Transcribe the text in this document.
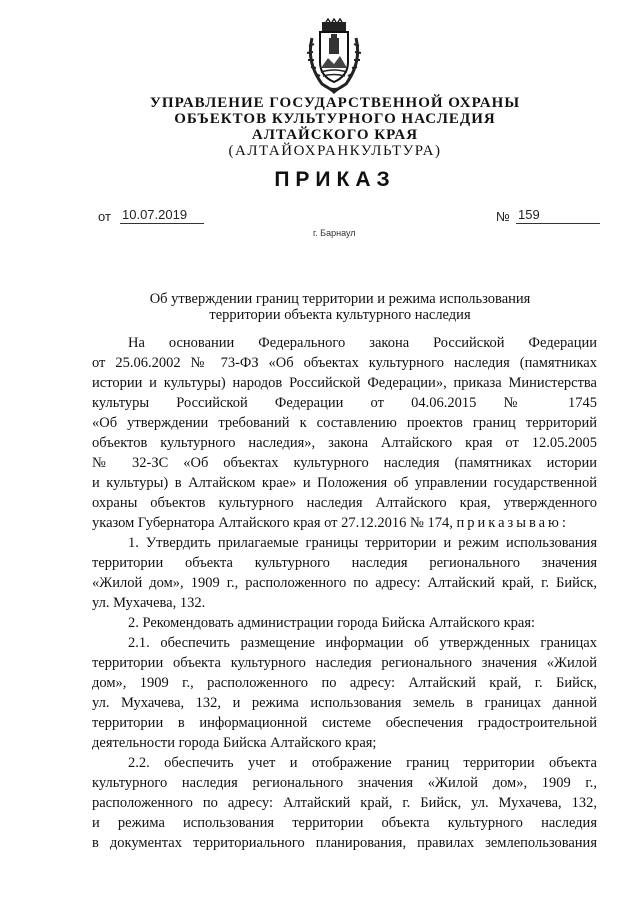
УПРАВЛЕНИЕ ГОСУДАРСТВЕННОЙ ОХРАНЫ
ОБЪЕКТОВ КУЛЬТУРНОГО НАСЛЕДИЯ
АЛТАЙСКОГО КРАЯ
(АЛТАЙОХРАНКУЛЬТУРА)
ПРИКАЗ
от 10.07.2019	№ 159
г. Барнаул
Об утверждении границ территории и режима использования
территории объекта культурного наследия

На основании Федерального закона Российской Федерации

от 25.06.2002 № 73-ФЗ «Об объектах культурного наследия (памятниках

истории и культуры) народов Российской Федерации», приказа Министерства

культуры Российской Федерации от 04.06.2015 № 1745

«Об утверждении требований к составлению проектов границ территорий

объектов культурного наследия», закона Алтайского края от 12.05.2005

№ 32-ЗС «Об объектах культурного наследия (памятниках истории

и культуры) в Алтайском крае» и Положения об управлении государственной

охраны объектов культурного наследия Алтайского края, утвержденного

указом Губернатора Алтайского края от 27.12.2016 № 174, приказываю:

1. Утвердить прилагаемые границы территории и режим использования

территории объекта культурного наследия регионального значения

«Жилой дом», 1909 г., расположенного по адресу: Алтайский край, г. Бийск,

ул. Мухачева, 132.

2. Рекомендовать администрации города Бийска Алтайского края:

2.1. обеспечить размещение информации об утвержденных границах

территории объекта культурного наследия регионального значения «Жилой

дом», 1909 г., расположенного по адресу: Алтайский край, г. Бийск,

ул. Мухачева, 132, и режима использования земель в границах данной

территории в информационной системе обеспечения градостроительной

деятельности города Бийска Алтайского края;

2.2. обеспечить учет и отображение границ территории объекта

культурного наследия регионального значения «Жилой дом», 1909 г.,

расположенного по адресу: Алтайский край, г. Бийск, ул. Мухачева, 132,

и режима использования территории объекта культурного наследия

в документах территориального планирования, правилах землепользования
